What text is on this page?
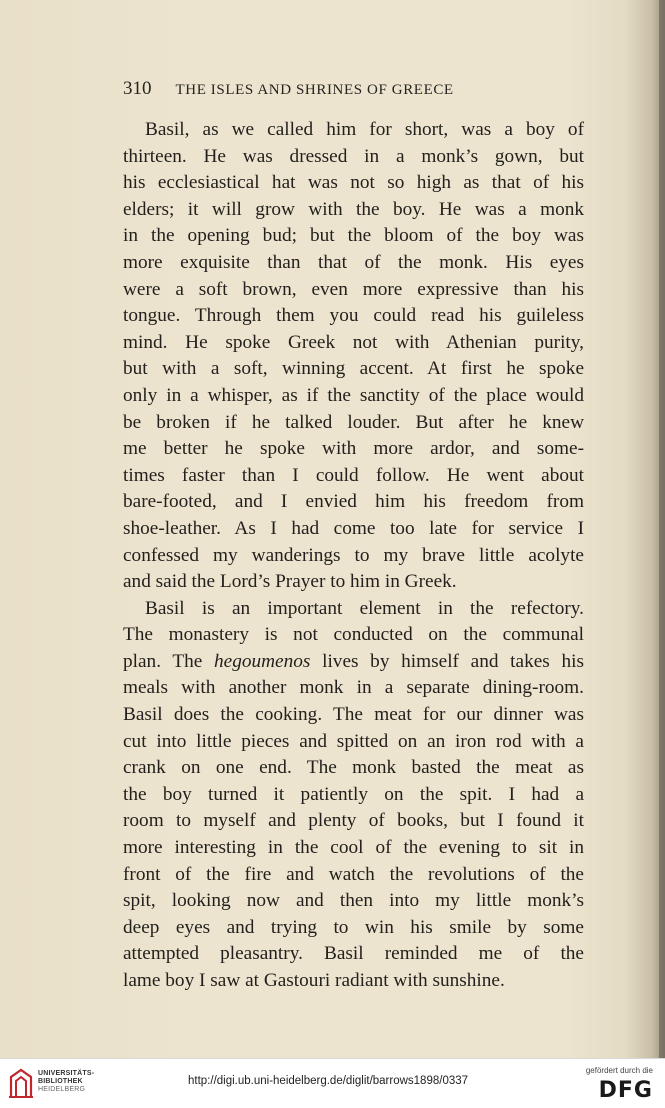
310 THE ISLES AND SHRINES OF GREECE
Basil, as we called him for short, was a boy of
thirteen. He was dressed in a monk’s gown, but
his ecclesiastical hat was not so high as that of his
elders; it will grow with the boy. He was a monk
in the opening bud; but the bloom of the boy was
more exquisite than that of the monk. His eyes
were a soft brown, even more expressive than his
tongue. Through them you could read his guileless
mind. He spoke Greek not with Athenian purity,
but with a soft, winning accent. At first he spoke
only in a whisper, as if the sanctity of the place would
be broken if he talked louder. But after he knew
me better he spoke with more ardor, and some-
times faster than I could follow. He went about
bare-footed, and I envied him his freedom from
shoe-leather. As I had come too late for service I
confessed my wanderings to my brave little acolyte
and said the Lord’s Prayer to him in Greek.
Basil is an important element in the refectory.
The monastery is not conducted on the communal
plan. The hegoumenos lives by himself and takes his
meals with another monk in a separate dining-room.
Basil does the cooking. The meat for our dinner was
cut into little pieces and spitted on an iron rod with a
crank on one end. The monk basted the meat as
the boy turned it patiently on the spit. I had a
room to myself and plenty of books, but I found it
more interesting in the cool of the evening to sit in
front of the fire and watch the revolutions of the
spit, looking now and then into my little monk’s
deep eyes and trying to win his smile by some
attempted pleasantry. Basil reminded me of the
lame boy I saw at Gastouri radiant with sunshine.
UNIVERSITÄTS-
BIBLIOTHEK
HEIDELBERG
http://digi.ub.uni-heidelberg.de/diglit/barrows1898/0337
gefördert durch die
DFG
